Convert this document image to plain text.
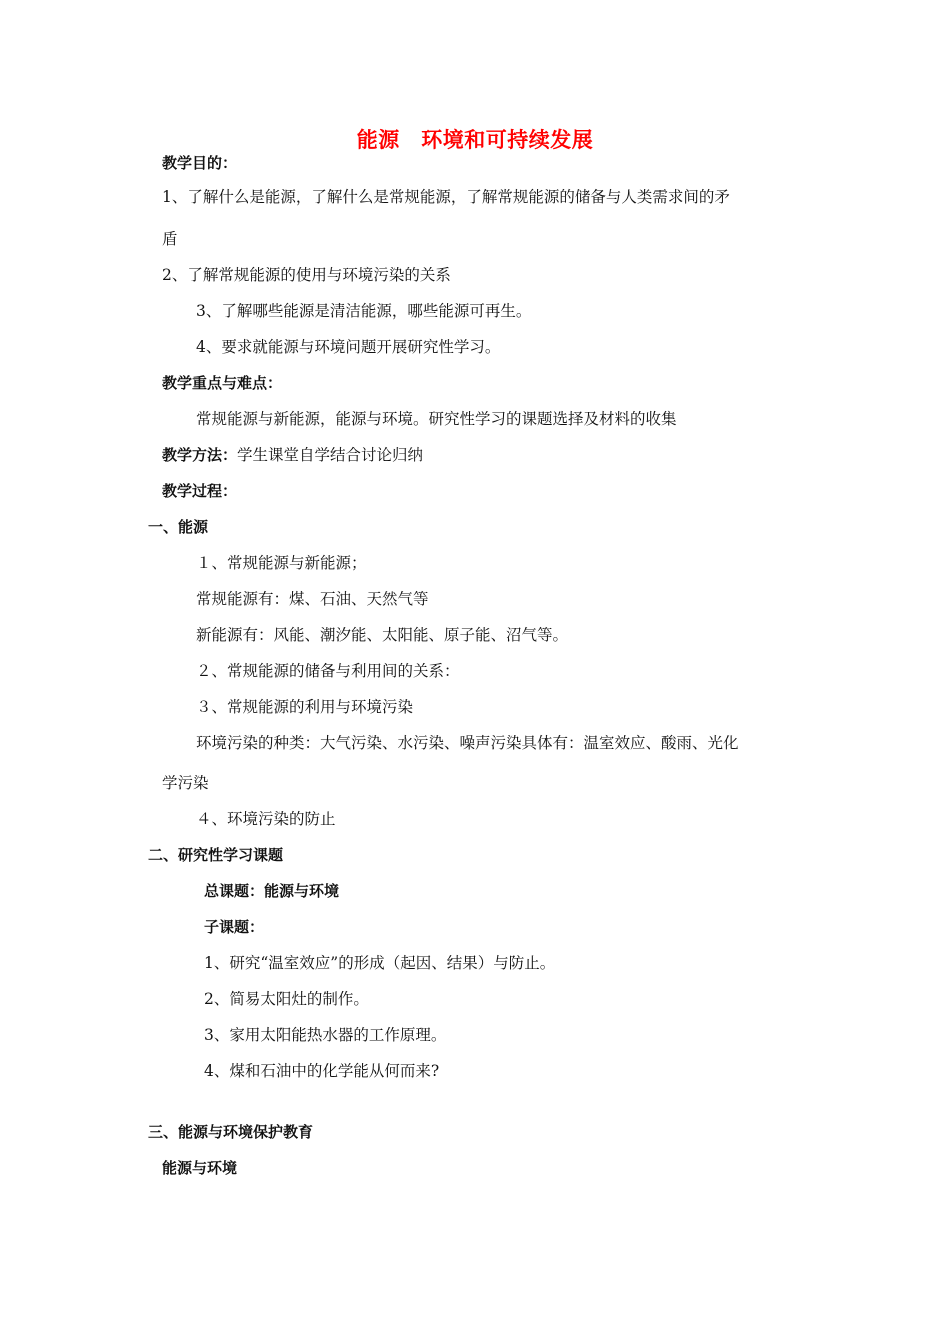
能源　环境和可持续发展
教学目的：
1、了解什么是能源，了解什么是常规能源，了解常规能源的储备与人类需求间的矛
盾
2、了解常规能源的使用与环境污染的关系
3、了解哪些能源是清洁能源，哪些能源可再生。
4、要求就能源与环境问题开展研究性学习。
教学重点与难点：
常规能源与新能源，能源与环境。研究性学习的课题选择及材料的收集
教学方法：学生课堂自学结合讨论归纳
教学过程：
一、能源
１、常规能源与新能源；
常规能源有：煤、石油、天然气等
新能源有：风能、潮汐能、太阳能、原子能、沼气等。
２、常规能源的储备与利用间的关系：
３、常规能源的利用与环境污染
环境污染的种类：大气污染、水污染、噪声污染具体有：温室效应、酸雨、光化
学污染
４、环境污染的防止
二、研究性学习课题
总课题：能源与环境
子课题：
1、研究“温室效应”的形成（起因、结果）与防止。
2、简易太阳灶的制作。
3、家用太阳能热水器的工作原理。
4、煤和石油中的化学能从何而来?
三、能源与环境保护教育
能源与环境
